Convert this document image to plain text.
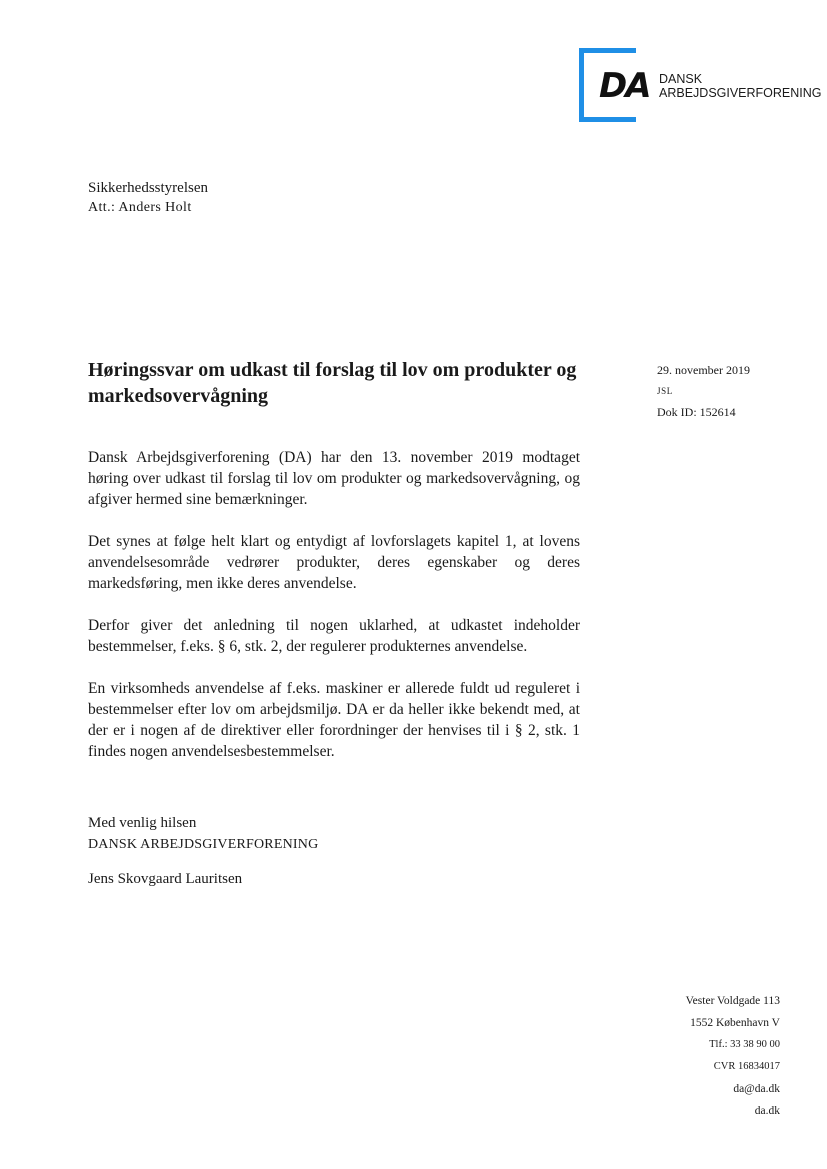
DA DANSK
ARBEJDSGIVERFORENING
Sikkerhedsstyrelsen
Att.: Anders Holt
Høringssvar om udkast til forslag til lov om produkter og markedsovervågning
29. november 2019
JSL
Dok ID: 152614

Dansk Arbejdsgiverforening (DA) har den 13. november 2019 modtaget høring over udkast til forslag til lov om produkter og markedsovervågning, og afgiver hermed sine bemærkninger.

Det synes at følge helt klart og entydigt af lovforslagets kapitel 1, at lovens anvendelsesområde vedrører produkter, deres egenskaber og deres markedsføring, men ikke deres anvendelse.

Derfor giver det anledning til nogen uklarhed, at udkastet indeholder bestemmelser, f.eks. § 6, stk. 2, der regulerer produkternes anvendelse.

En virksomheds anvendelse af f.eks. maskiner er allerede fuldt ud reguleret i bestemmelser efter lov om arbejdsmiljø. DA er da heller ikke bekendt med, at der er i nogen af de direktiver eller forordninger der henvises til i § 2, stk. 1 findes nogen anvendelsesbestemmelser.

Med venlig hilsen
DANSK ARBEJDSGIVERFORENING
Jens Skovgaard Lauritsen
Vester Voldgade 113
1552 København V
Tlf.: 33 38 90 00
CVR 16834017
da@da.dk
da.dk
